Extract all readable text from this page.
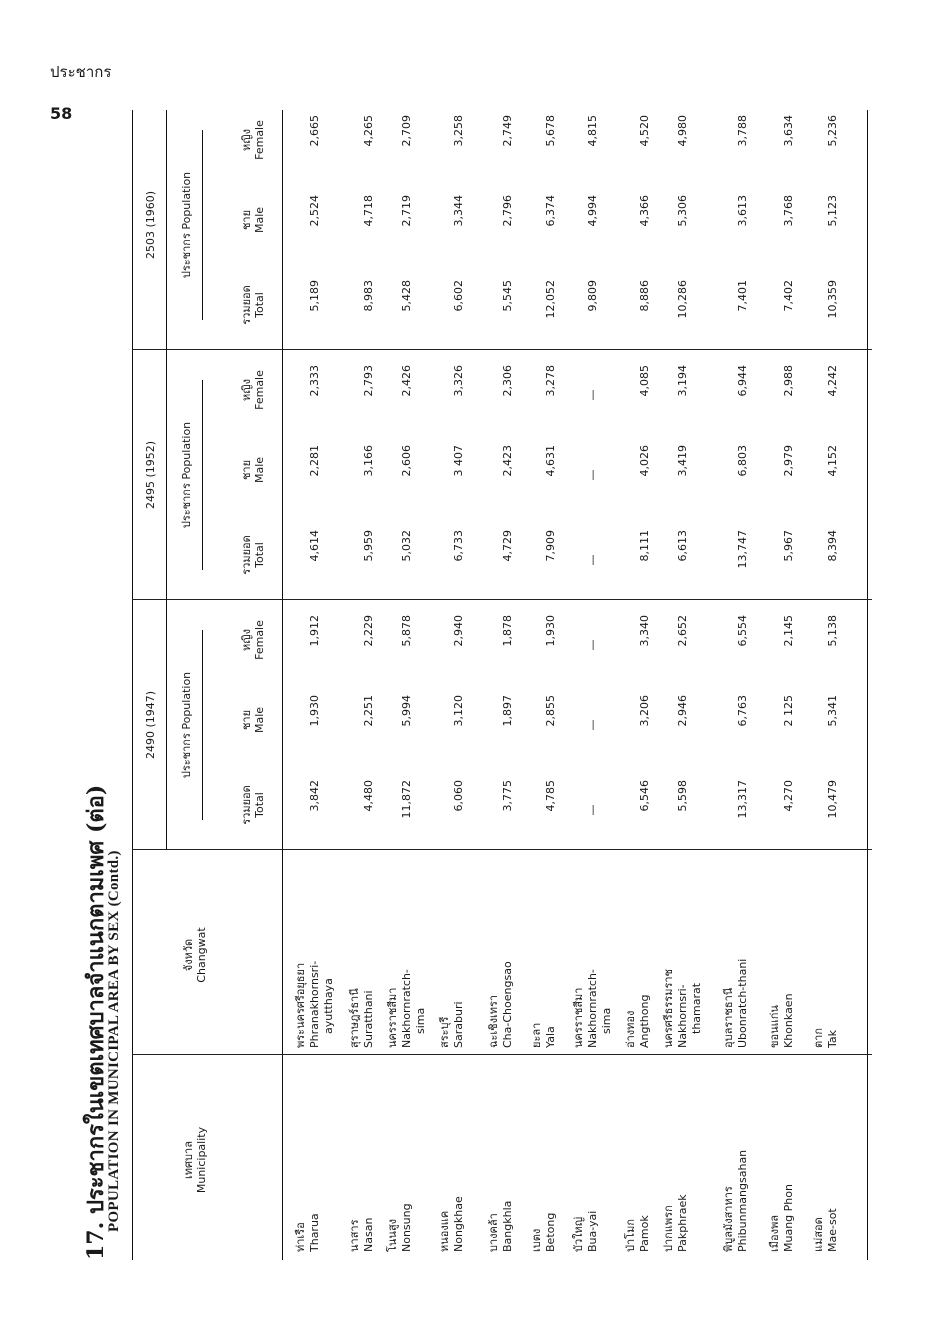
ประชากร
58
17. ประชากรในเขตเทศบาลจำแนกตามเพศ (ต่อ)
POPULATION IN MUNICIPAL AREA BY SEX (Contd.)
เทศบาล Municipality
จังหวัด Changwat
2490 (1947) ประชากร Population
รวมยอด Total
ชาย Male
หญิง Female
2495 (1952) ประชากร Population
รวมยอด Total
ชาย Male
หญิง Female
2503 (1960) ประชากร Population
รวมยอด Total
ชาย Male
หญิง Female
ท่าเรือ Tharua
พระนครศรีอยุธยา Phranakhornsri- ayutthaya
3,842
1,930
1,912
4,614
2,281
2,333
5,189
2,524
2,665
นาสาร Nasan
สุราษฎร์ธานี Suratthani
4,480
2,251
2,229
5,959
3,166
2,793
8,983
4,718
4,265
โนนสูง Nonsung
นครราชสีมา Nakhornratch- sima
11,872
5,994
5,878
5,032
2,606
2,426
5,428
2,719
2,709
หนองแค Nongkhae
สระบุรี Saraburi
6,060
3,120
2,940
6,733
3 407
3,326
6,602
3,344
3,258
บางคล้า Bangkhla
ฉะเชิงเทรา Cha-Choengsao
3,775
1,897
1,878
4,729
2,423
2,306
5,545
2,796
2,749
เบตง Betong
ยะลา Yala
4,785
2,855
1,930
7,909
4,631
3,278
12,052
6,374
5,678
บัวใหญ่ Bua-yai
นครราชสีมา Nakhornratch- sima
—
—
—
—
—
—
9,809
4,994
4,815
ป่าโมก Pamok
อ่างทอง Angthong
6,546
3,206
3,340
8,111
4,026
4,085
8,886
4,366
4,520
ปากแพรก Pakphraek
นครศรีธรรมราช Nakhornsri- thamarat
5,598
2,946
2,652
6,613
3,419
3,194
10,286
5,306
4,980
พิบูลมังสาหาร Phibunmangsahan
อุบลราชธานี Ubonratch-thani
13,317
6,763
6,554
13,747
6,803
6,944
7,401
3,613
3,788
เมืองพล Muang Phon
ขอนแก่น Khonkaen
4,270
2 125
2,145
5,967
2,979
2,988
7,402
3,768
3,634
แม่สอด Mae-sot
ตาก Tak
10,479
5,341
5,138
8,394
4,152
4,242
10,359
5,123
5,236
